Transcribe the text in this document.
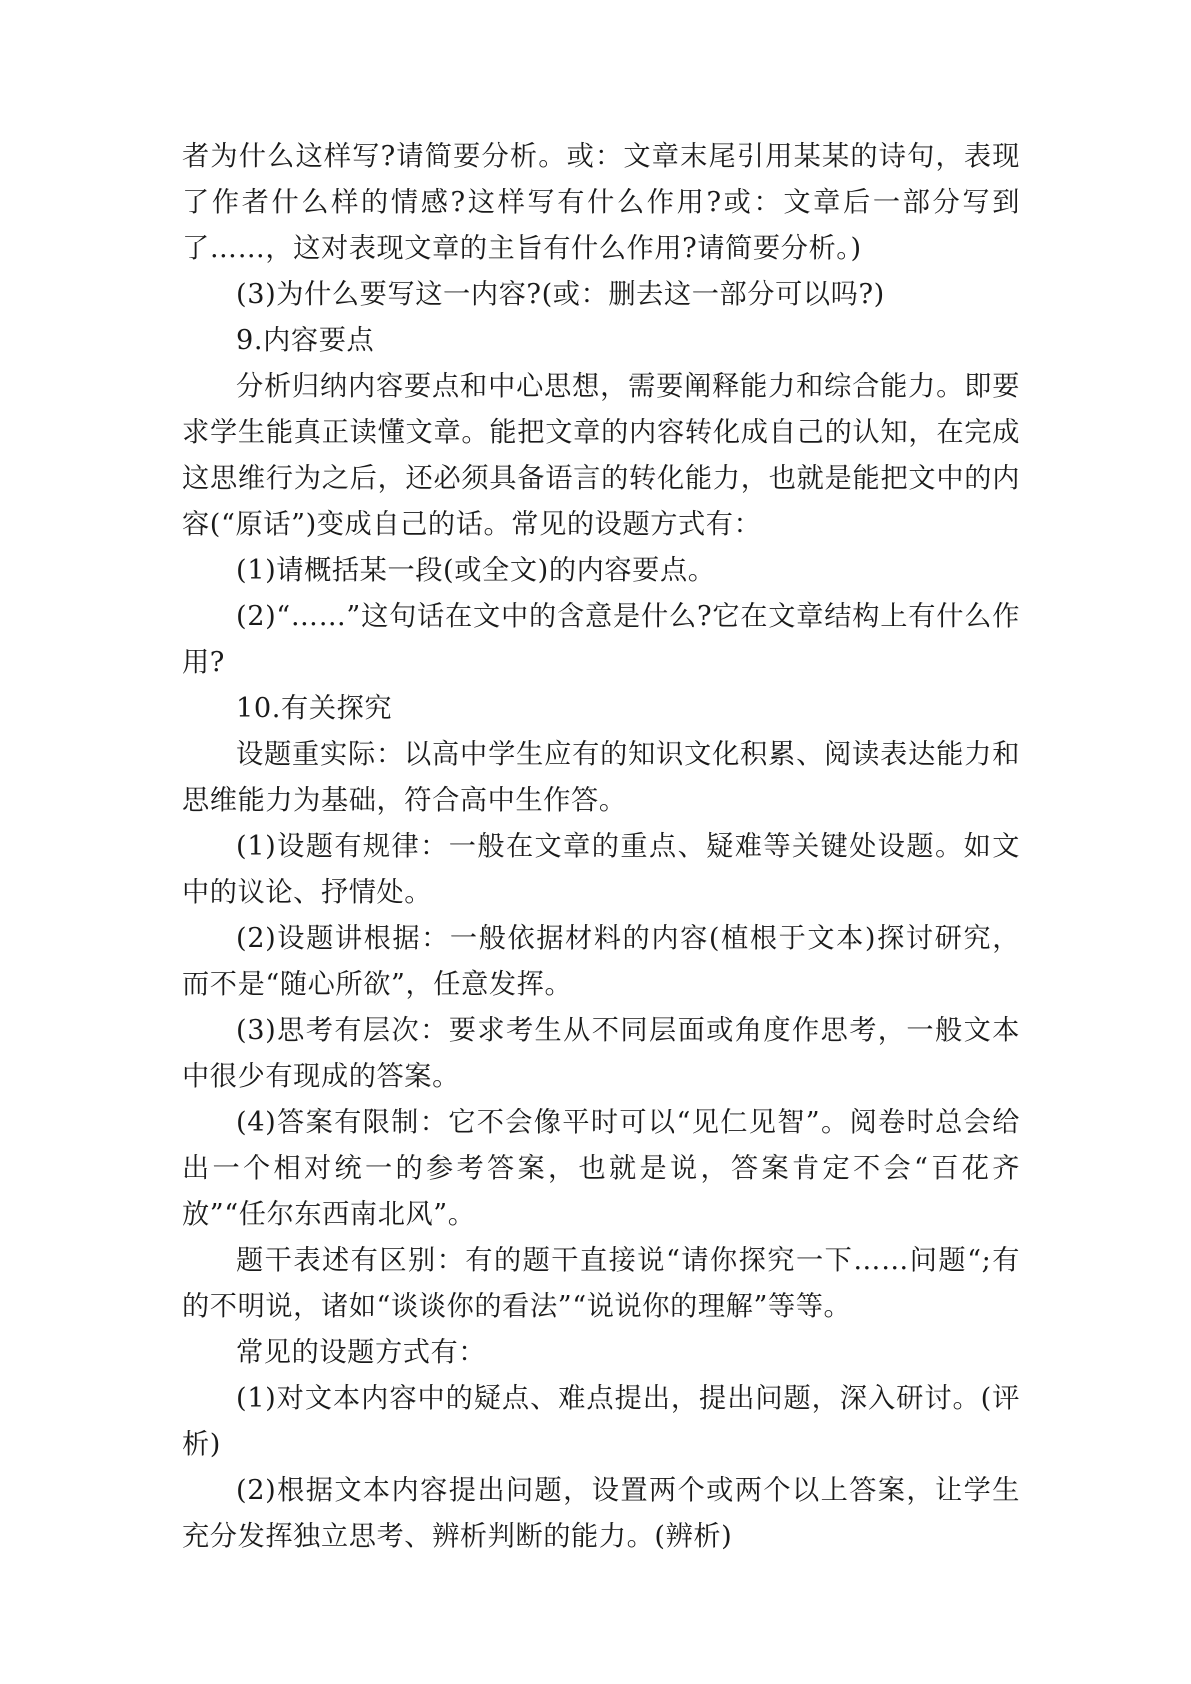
者为什么这样写?请简要分析。或：文章末尾引用某某的诗句，表现了作者什么样的情感?这样写有什么作用?或：文章后一部分写到了……，这对表现文章的主旨有什么作用?请简要分析。)

(3)为什么要写这一内容?(或：删去这一部分可以吗?)

9.内容要点

分析归纳内容要点和中心思想，需要阐释能力和综合能力。即要求学生能真正读懂文章。能把文章的内容转化成自己的认知，在完成这思维行为之后，还必须具备语言的转化能力，也就是能把文中的内容(“原话”)变成自己的话。常见的设题方式有：

(1)请概括某一段(或全文)的内容要点。

(2)“……”这句话在文中的含意是什么?它在文章结构上有什么作用?

10.有关探究

设题重实际：以高中学生应有的知识文化积累、阅读表达能力和思维能力为基础，符合高中生作答。

(1)设题有规律：一般在文章的重点、疑难等关键处设题。如文中的议论、抒情处。

(2)设题讲根据：一般依据材料的内容(植根于文本)探讨研究，而不是“随心所欲”，任意发挥。

(3)思考有层次：要求考生从不同层面或角度作思考，一般文本中很少有现成的答案。

(4)答案有限制：它不会像平时可以“见仁见智”。阅卷时总会给出一个相对统一的参考答案，也就是说，答案肯定不会“百花齐放”“任尔东西南北风”。

题干表述有区别：有的题干直接说“请你探究一下……问题“;有的不明说，诸如“谈谈你的看法”“说说你的理解”等等。

常见的设题方式有：

(1)对文本内容中的疑点、难点提出，提出问题，深入研讨。(评析)

(2)根据文本内容提出问题，设置两个或两个以上答案，让学生充分发挥独立思考、辨析判断的能力。(辨析)
